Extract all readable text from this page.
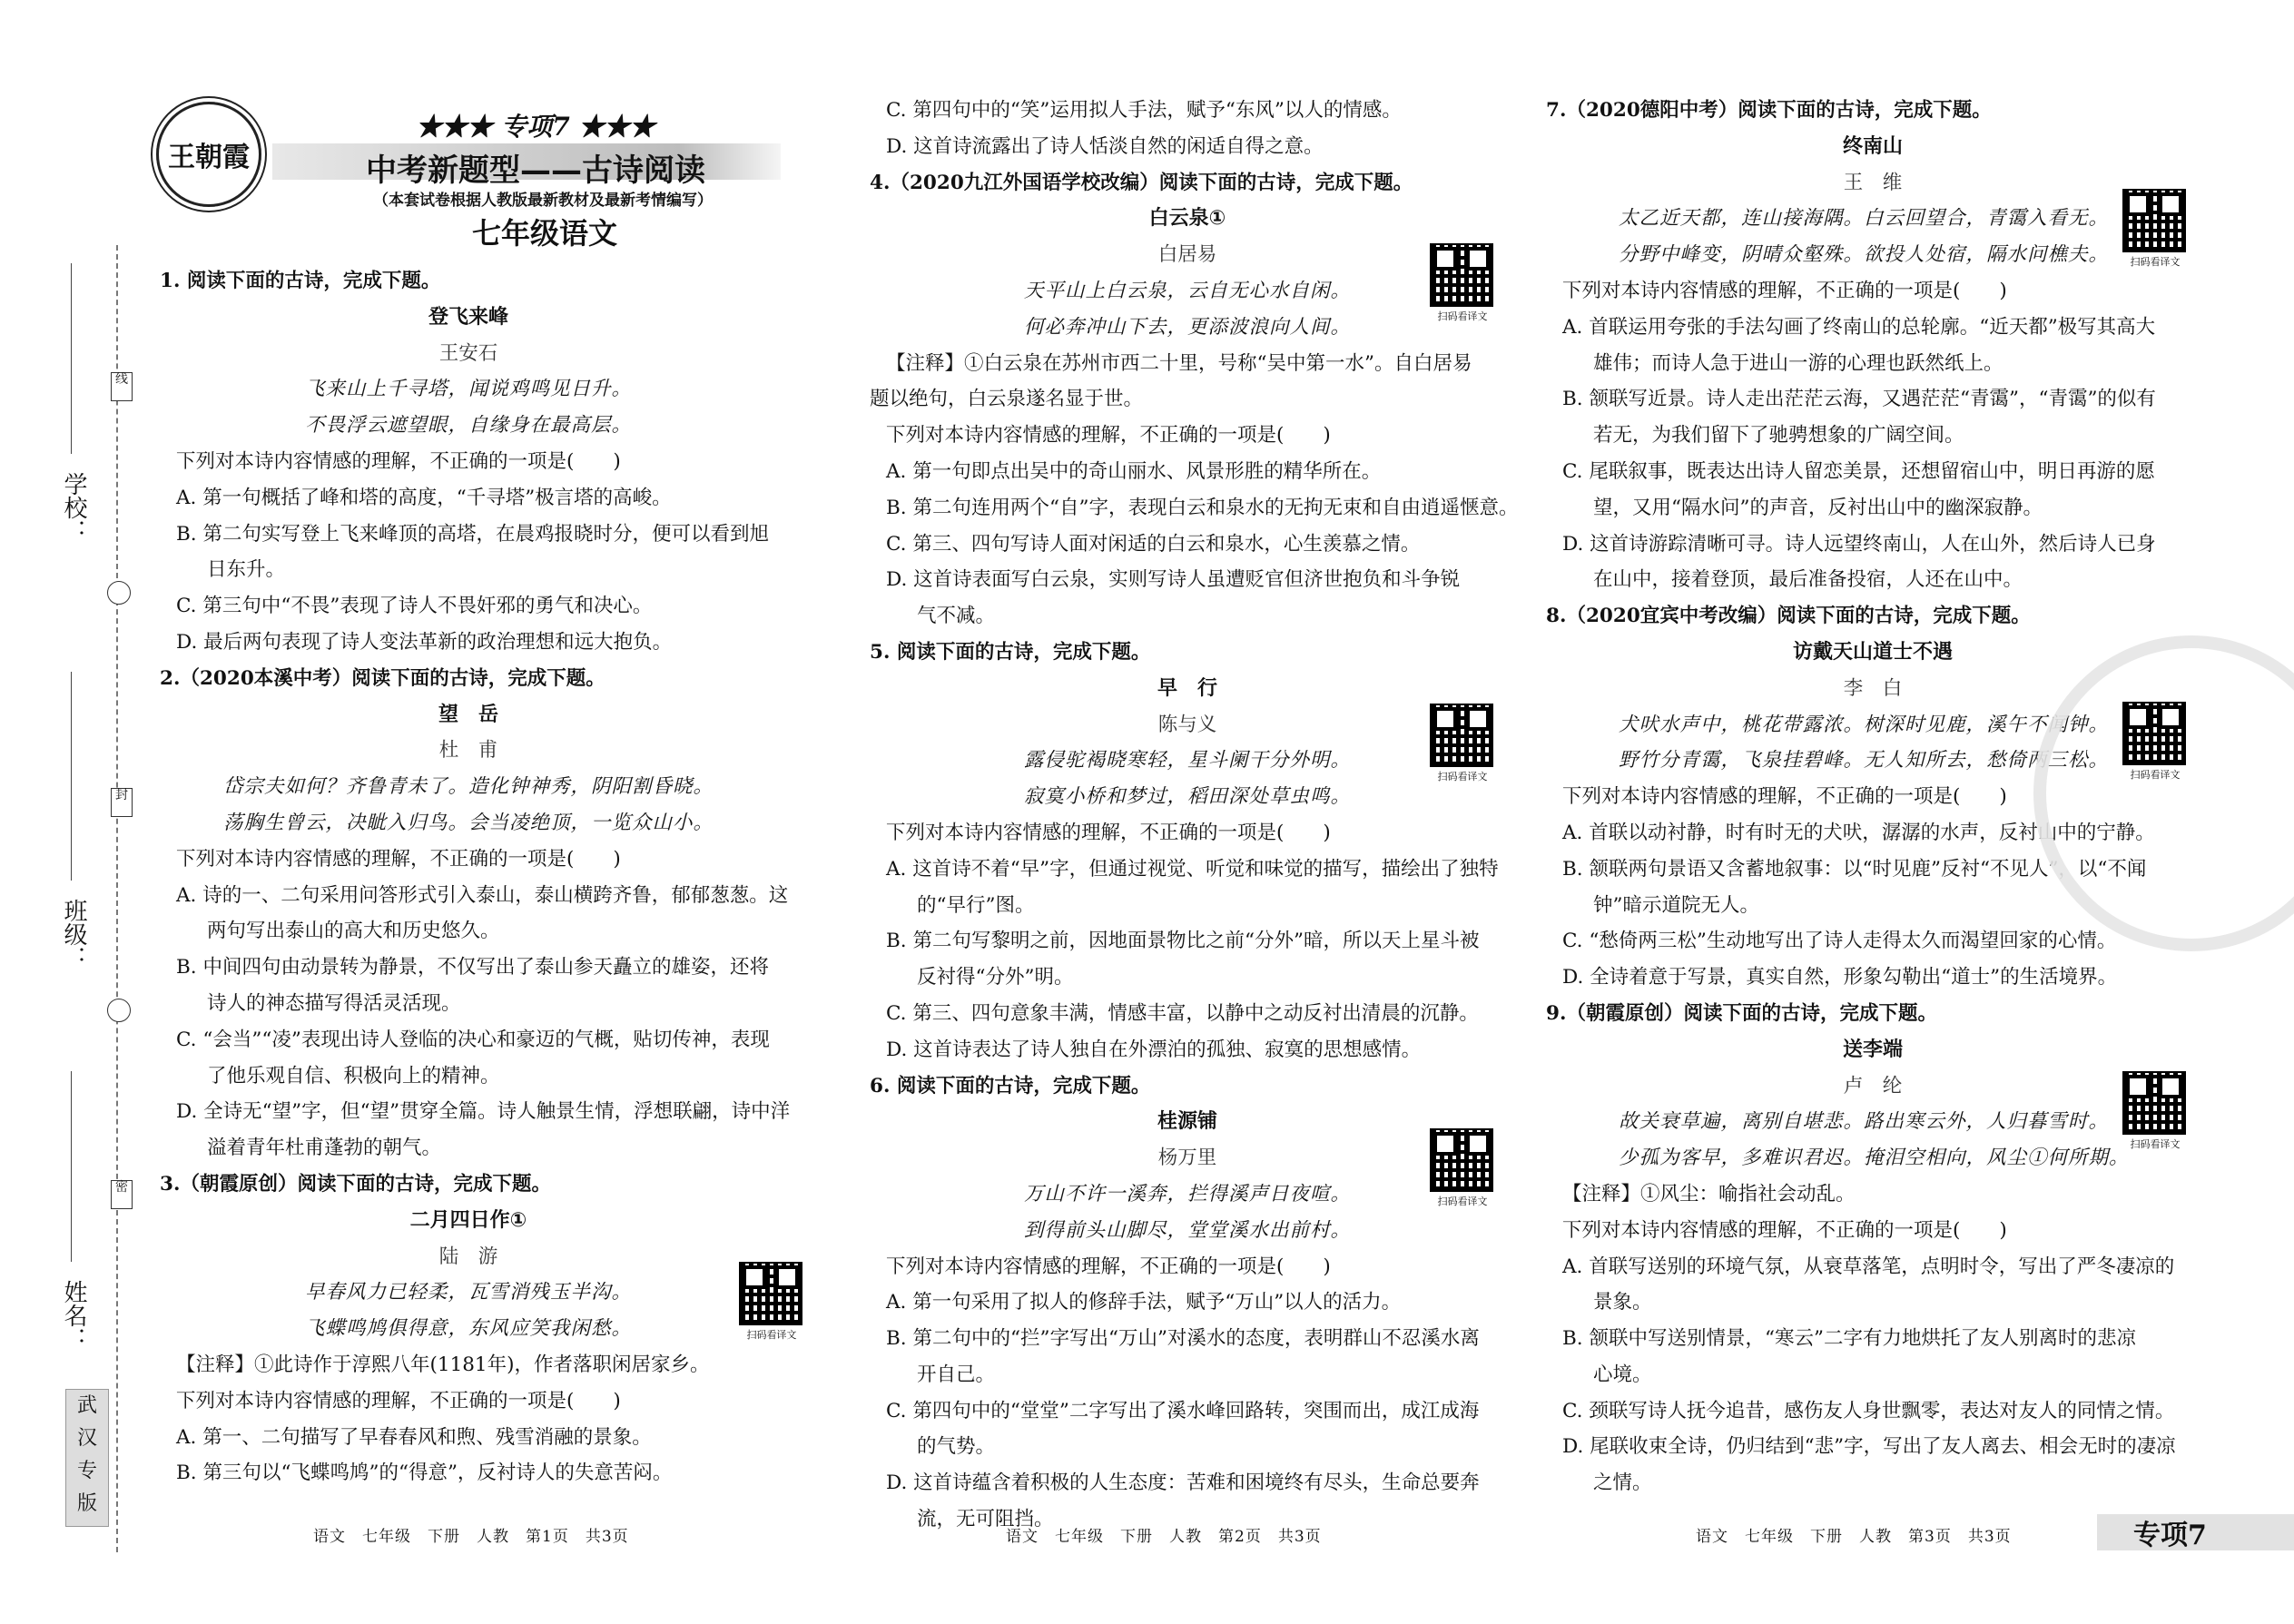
线
封
密
学校：
班级：
姓名：
武
汉
专
版
王朝霞
★★★ 专项7 ★★★
中考新题型——古诗阅读
（本套试卷根据人教版最新教材及最新考情编写）
七年级语文
1. 阅读下面的古诗，完成下题。
登飞来峰
王安石
飞来山上千寻塔，闻说鸡鸣见日升。
不畏浮云遮望眼，自缘身在最高层。
下列对本诗内容情感的理解，不正确的一项是(　　)
A. 第一句概括了峰和塔的高度，“千寻塔”极言塔的高峻。
B. 第二句实写登上飞来峰顶的高塔，在晨鸡报晓时分，便可以看到旭
日东升。
C. 第三句中“不畏”表现了诗人不畏奸邪的勇气和决心。
D. 最后两句表现了诗人变法革新的政治理想和远大抱负。
2.（2020本溪中考）阅读下面的古诗，完成下题。
望　岳
杜　甫
岱宗夫如何？齐鲁青未了。造化钟神秀，阴阳割昏晓。
荡胸生曾云，决眦入归鸟。会当凌绝顶，一览众山小。
下列对本诗内容情感的理解，不正确的一项是(　　)
A. 诗的一、二句采用问答形式引入泰山，泰山横跨齐鲁，郁郁葱葱。这
两句写出泰山的高大和历史悠久。
B. 中间四句由动景转为静景，不仅写出了泰山参天矗立的雄姿，还将
诗人的神态描写得活灵活现。
C. “会当”“凌”表现出诗人登临的决心和豪迈的气概，贴切传神，表现
了他乐观自信、积极向上的精神。
D. 全诗无“望”字，但“望”贯穿全篇。诗人触景生情，浮想联翩，诗中洋
溢着青年杜甫蓬勃的朝气。
3.（朝霞原创）阅读下面的古诗，完成下题。
二月四日作①
陆　游
早春风力已轻柔，瓦雪消残玉半沟。
飞蝶鸣鸠俱得意，东风应笑我闲愁。
【注释】①此诗作于淳熙八年(1181年)，作者落职闲居家乡。
下列对本诗内容情感的理解，不正确的一项是(　　)
A. 第一、二句描写了早春春风和煦、残雪消融的景象。
B. 第三句以“飞蝶鸣鸠”的“得意”，反衬诗人的失意苦闷。
C. 第四句中的“笑”运用拟人手法，赋予“东风”以人的情感。
D. 这首诗流露出了诗人恬淡自然的闲适自得之意。
4.（2020九江外国语学校改编）阅读下面的古诗，完成下题。
白云泉①
白居易
天平山上白云泉，云自无心水自闲。
何必奔冲山下去，更添波浪向人间。
【注释】①白云泉在苏州市西二十里，号称“吴中第一水”。自白居易
题以绝句，白云泉遂名显于世。
下列对本诗内容情感的理解，不正确的一项是(　　)
A. 第一句即点出吴中的奇山丽水、风景形胜的精华所在。
B. 第二句连用两个“自”字，表现白云和泉水的无拘无束和自由逍遥惬意。
C. 第三、四句写诗人面对闲适的白云和泉水，心生羡慕之情。
D. 这首诗表面写白云泉，实则写诗人虽遭贬官但济世抱负和斗争锐
气不减。
5. 阅读下面的古诗，完成下题。
早　行
陈与义
露侵驼褐晓寒轻，星斗阑干分外明。
寂寞小桥和梦过，稻田深处草虫鸣。
下列对本诗内容情感的理解，不正确的一项是(　　)
A. 这首诗不着“早”字，但通过视觉、听觉和味觉的描写，描绘出了独特
的“早行”图。
B. 第二句写黎明之前，因地面景物比之前“分外”暗，所以天上星斗被
反衬得“分外”明。
C. 第三、四句意象丰满，情感丰富，以静中之动反衬出清晨的沉静。
D. 这首诗表达了诗人独自在外漂泊的孤独、寂寞的思想感情。
6. 阅读下面的古诗，完成下题。
桂源铺
杨万里
万山不许一溪奔，拦得溪声日夜喧。
到得前头山脚尽，堂堂溪水出前村。
下列对本诗内容情感的理解，不正确的一项是(　　)
A. 第一句采用了拟人的修辞手法，赋予“万山”以人的活力。
B. 第二句中的“拦”字写出“万山”对溪水的态度，表明群山不忍溪水离
开自己。
C. 第四句中的“堂堂”二字写出了溪水峰回路转，突围而出，成江成海
的气势。
D. 这首诗蕴含着积极的人生态度：苦难和困境终有尽头，生命总要奔
流，无可阻挡。
7.（2020德阳中考）阅读下面的古诗，完成下题。
终南山
王　维
太乙近天都，连山接海隅。白云回望合，青霭入看无。
分野中峰变，阴晴众壑殊。欲投人处宿，隔水问樵夫。
下列对本诗内容情感的理解，不正确的一项是(　　)
A. 首联运用夸张的手法勾画了终南山的总轮廓。“近天都”极写其高大
雄伟；而诗人急于进山一游的心理也跃然纸上。
B. 颔联写近景。诗人走出茫茫云海，又遇茫茫“青霭”，“青霭”的似有
若无，为我们留下了驰骋想象的广阔空间。
C. 尾联叙事，既表达出诗人留恋美景，还想留宿山中，明日再游的愿
望，又用“隔水问”的声音，反衬出山中的幽深寂静。
D. 这首诗游踪清晰可寻。诗人远望终南山，人在山外，然后诗人已身
在山中，接着登顶，最后准备投宿，人还在山中。
8.（2020宜宾中考改编）阅读下面的古诗，完成下题。
访戴天山道士不遇
李　白
犬吠水声中，桃花带露浓。树深时见鹿，溪午不闻钟。
野竹分青霭，飞泉挂碧峰。无人知所去，愁倚两三松。
下列对本诗内容情感的理解，不正确的一项是(　　)
A. 首联以动衬静，时有时无的犬吠，潺潺的水声，反衬山中的宁静。
B. 颔联两句景语又含蓄地叙事：以“时见鹿”反衬“不见人”，以“不闻
钟”暗示道院无人。
C. “愁倚两三松”生动地写出了诗人走得太久而渴望回家的心情。
D. 全诗着意于写景，真实自然，形象勾勒出“道士”的生活境界。
9.（朝霞原创）阅读下面的古诗，完成下题。
送李端
卢　纶
故关衰草遍，离别自堪悲。路出寒云外，人归暮雪时。
少孤为客早，多难识君迟。掩泪空相向，风尘①何所期。
【注释】①风尘：喻指社会动乱。
下列对本诗内容情感的理解，不正确的一项是(　　)
A. 首联写送别的环境气氛，从衰草落笔，点明时令，写出了严冬凄凉的
景象。
B. 颔联中写送别情景，“寒云”二字有力地烘托了友人别离时的悲凉
心境。
C. 颈联写诗人抚今追昔，感伤友人身世飘零，表达对友人的同情之情。
D. 尾联收束全诗，仍归结到“悲”字，写出了友人离去、相会无时的凄凉
之情。
扫码看译文
扫码看译文
扫码看译文
扫码看译文
扫码看译文
扫码看译文
扫码看译文
语文　七年级　下册　人教　第1页　共3页	语文　七年级　下册　人教　第2页　共3页	语文　七年级　下册　人教　第3页　共3页	专项7
